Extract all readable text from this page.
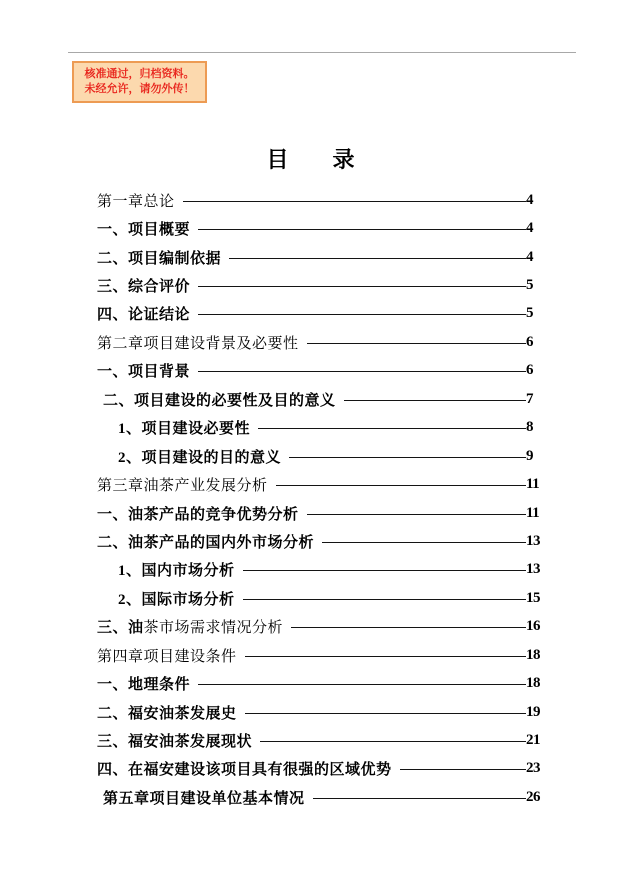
核准通过，归档资料。
未经允许，请勿外传！
目　　录
第一章总论	4
一、项目概要	4
二、项目编制依据	4
三、综合评价	5
四、论证结论	5
第二章项目建设背景及必要性	6
一、项目背景	6
二、项目建设的必要性及目的意义	7
1、项目建设必要性	8
2、项目建设的目的意义	9
第三章油茶产业发展分析	11
一、油茶产品的竞争优势分析	11
二、油茶产品的国内外市场分析	13
1、国内市场分析	13
2、国际市场分析	15
三、油茶市场需求情况分析	16
第四章项目建设条件	18
一、地理条件	18
二、福安油茶发展史	19
三、福安油茶发展现状	21
四、在福安建设该项目具有很强的区域优势	23
第五章项目建设单位基本情况	26
